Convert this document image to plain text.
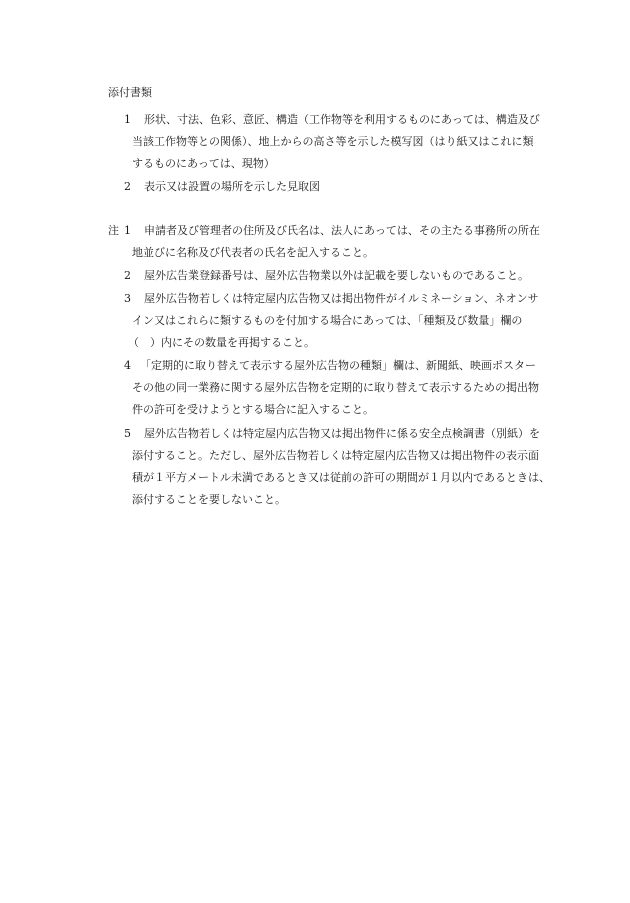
添付書類
1 形状、寸法、色彩、意匠、構造（工作物等を利用するものにあっては、構造及び
当該工作物等との関係）、地上からの高さ等を示した模写図（はり紙又はこれに類
するものにあっては、現物）
2 表示又は設置の場所を示した見取図
注 1 申請者及び管理者の住所及び氏名は、法人にあっては、その主たる事務所の所在
地並びに名称及び代表者の氏名を記入すること。
2 屋外広告業登録番号は、屋外広告物業以外は記載を要しないものであること。
3 屋外広告物若しくは特定屋内広告物又は掲出物件がイルミネーション、ネオンサ
イン又はこれらに類するものを付加する場合にあっては、「種類及び数量」欄の
（　）内にその数量を再掲すること。
4 「定期的に取り替えて表示する屋外広告物の種類」欄は、新聞紙、映画ポスター
その他の同一業務に関する屋外広告物を定期的に取り替えて表示するための掲出物
件の許可を受けようとする場合に記入すること。
5 屋外広告物若しくは特定屋内広告物又は掲出物件に係る安全点検調書（別紙）を
添付すること。ただし、屋外広告物若しくは特定屋内広告物又は掲出物件の表示面
積が１平方メートル未満であるとき又は従前の許可の期間が１月以内であるときは、
添付することを要しないこと。
